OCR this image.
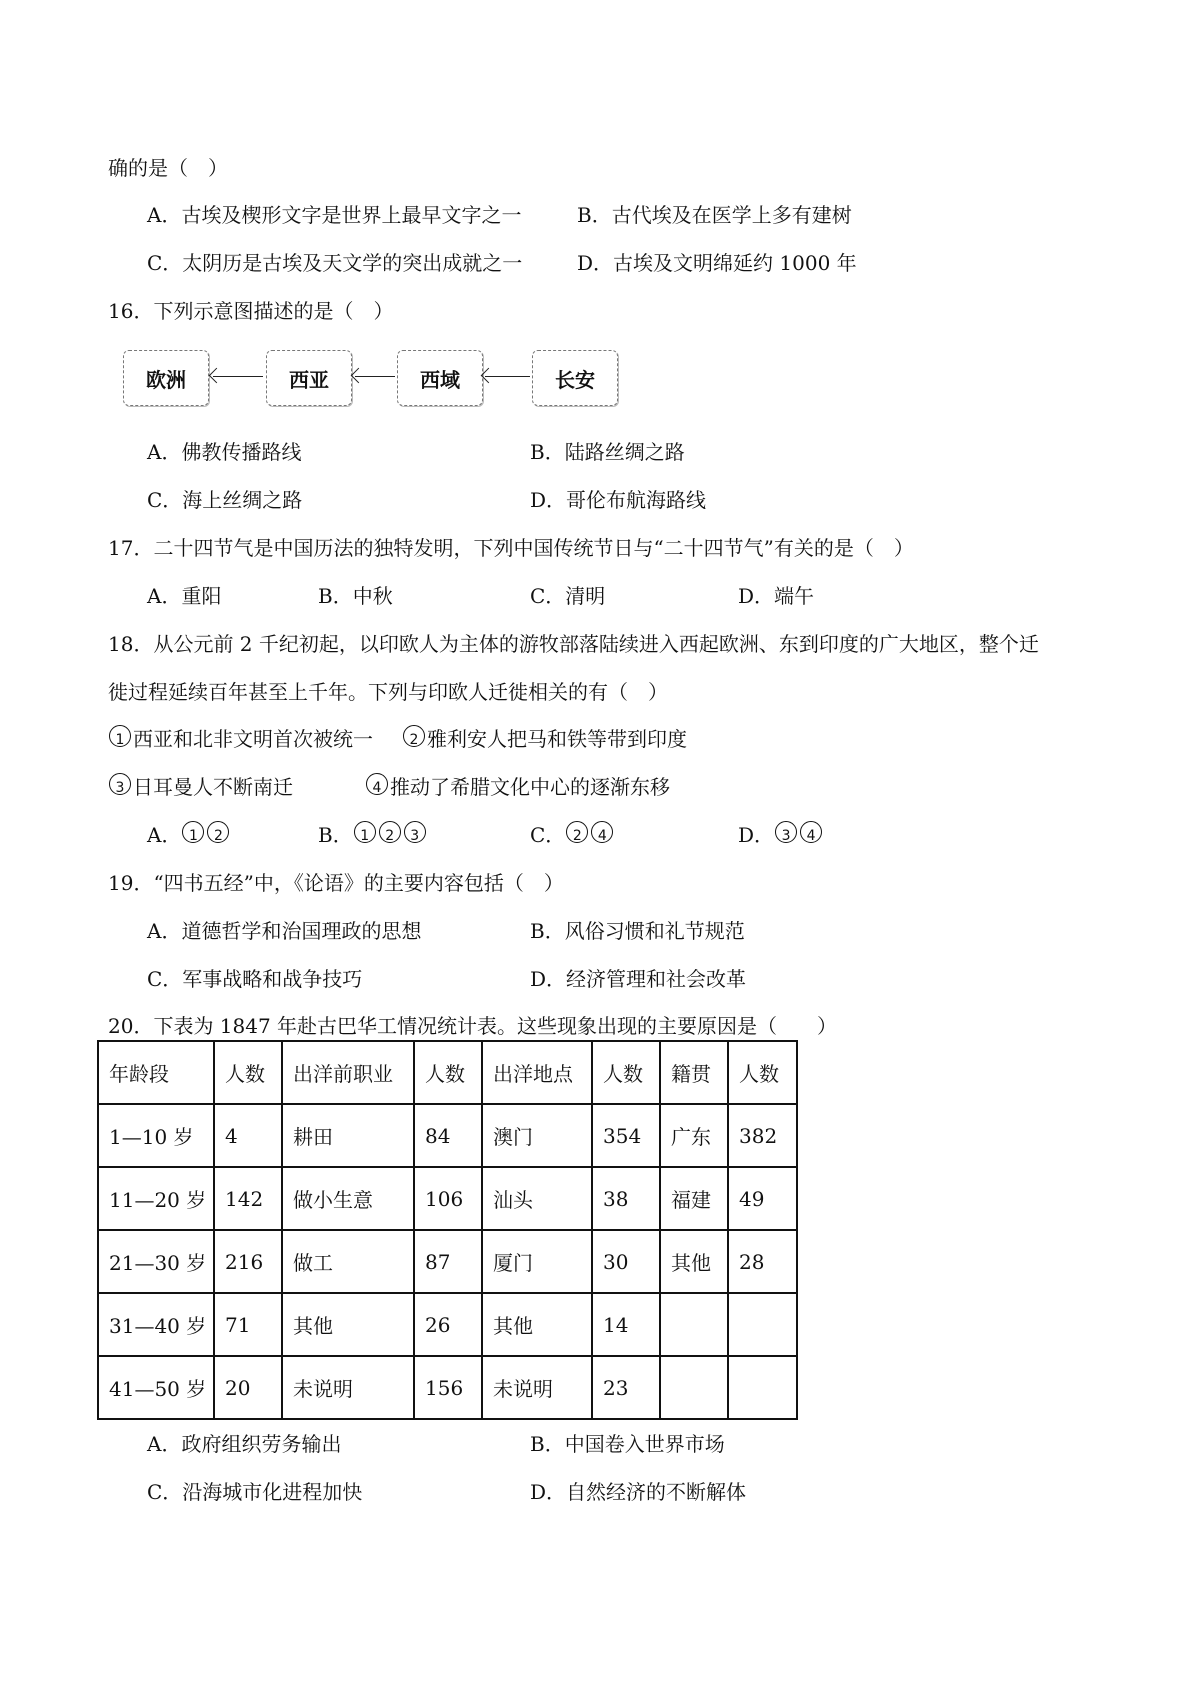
确的是（　）
A．古埃及楔形文字是世界上最早文字之一	B．古代埃及在医学上多有建树
C．太阴历是古埃及天文学的突出成就之一	D．古埃及文明绵延约 1000 年
16．下列示意图描述的是（　）
欧洲	西亚	西域	长安
A．佛教传播路线	B．陆路丝绸之路
C．海上丝绸之路	D．哥伦布航海路线
17．二十四节气是中国历法的独特发明，下列中国传统节日与“二十四节气”有关的是（　）
A．重阳	B．中秋	C．清明	D．端午
18．从公元前 2 千纪初起，以印欧人为主体的游牧部落陆续进入西起欧洲、东到印度的广大地区，整个迁
徙过程延续百年甚至上千年。下列与印欧人迁徙相关的有（　）
1 西亚和北非文明首次被统一	2 雅利安人把马和铁等带到印度
3 日耳曼人不断南迁	4 推动了希腊文化中心的逐渐东移
A． 1 2	B． 1 2 3	C． 2 4	D． 3 4
19．“四书五经”中，《论语》的主要内容包括（　）
A．道德哲学和治国理政的思想	B．风俗习惯和礼节规范
C．军事战略和战争技巧	D．经济管理和社会改革
20．下表为 1847 年赴古巴华工情况统计表。这些现象出现的主要原因是（　　）
年龄段	人数	出洋前职业	人数	出洋地点	人数	籍贯	人数
1—10 岁	4	耕田	84	澳门	354	广东	382
11—20 岁	142	做小生意	106	汕头	38	福建	49
21—30 岁	216	做工	87	厦门	30	其他	28
31—40 岁	71	其他	26	其他	14		
41—50 岁	20	未说明	156	未说明	23		
A．政府组织劳务输出	B．中国卷入世界市场
C．沿海城市化进程加快	D．自然经济的不断解体
